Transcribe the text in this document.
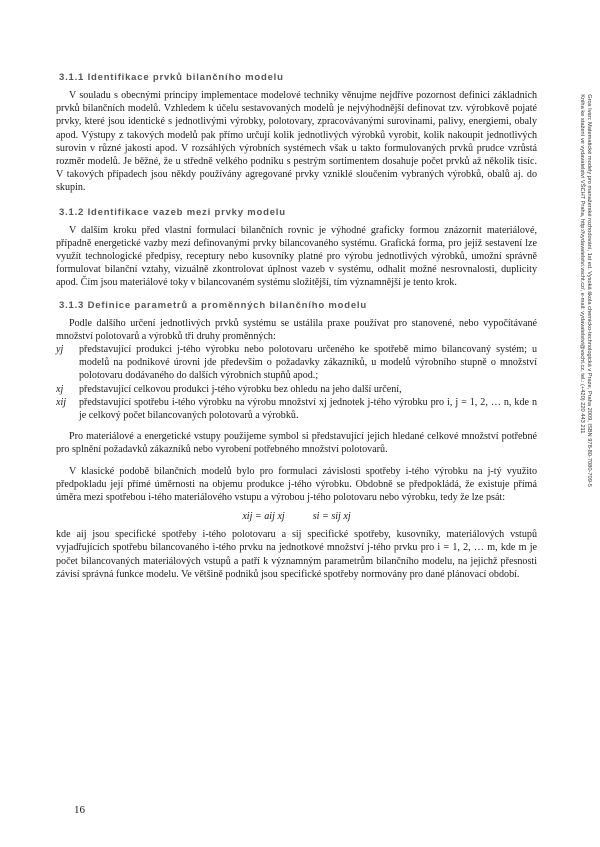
3.1.1 Identifikace prvků bilančního modelu

V souladu s obecnými principy implementace modelové techniky věnujme nejdříve pozornost definici základních prvků bilančních modelů. Vzhledem k účelu sestavovaných modelů je nejvýhodnější definovat tzv. výrobkově pojaté prvky, které jsou identické s jednotlivými výrobky, polotovary, zpracovávanými surovinami, palivy, energiemi, obaly apod. Výstupy z takových modelů pak přímo určují kolik jednotlivých výrobků vyrobit, kolik nakoupit jednotlivých surovin v různé jakosti apod. V rozsáhlých výrobních systémech však u takto formulovaných prvků prudce vzrůstá rozměr modelů. Je běžné, že u středně velkého podniku s pestrým sortimentem dosahuje počet prvků až několik tisíc. V takových případech jsou někdy používány agregované prvky vzniklé sloučením vybraných výrobků, obalů aj. do skupin.

3.1.2 Identifikace vazeb mezi prvky modelu

V dalším kroku před vlastní formulací bilančních rovnic je výhodné graficky formou znázornit materiálové, případně energetické vazby mezi definovanými prvky bilancovaného systému. Grafická forma, pro jejíž sestavení lze využít technologické předpisy, receptury nebo kusovníky platné pro výrobu jednotlivých výrobků, umožní správně formulovat bilanční vztahy, vizuálně zkontrolovat úplnost vazeb v systému, odhalit možné nesrovnalosti, duplicity apod. Čím jsou materiálové toky v bilancovaném systému složitější, tím významnější je tento krok.

3.1.3 Definice parametrů a proměnných bilančního modelu

Podle dalšího určení jednotlivých prvků systému se ustálila praxe používat pro stanovené, nebo vypočítávané množství polotovarů a výrobků tři druhy proměnných:

yj	představující produkci j-tého výrobku nebo polotovaru určeného ke spotřebě mimo bilancovaný systém; u modelů na podnikové úrovni jde především o požadavky zákazníků, u modelů výrobního stupně o množství polotovaru dodávaného do dalších výrobních stupňů apod.;
xj	představující celkovou produkci j-tého výrobku bez ohledu na jeho další určení,
xij	představující spotřebu i-tého výrobku na výrobu množství xj jednotek j-tého výrobku pro i, j = 1, 2, … n, kde n je celkový počet bilancovaných polotovarů a výrobků.

Pro materiálové a energetické vstupy použijeme symbol si představující jejich hledané celkové množství potřebné pro splnění požadavků zákazníků nebo vyrobení potřebného množství polotovarů.

V klasické podobě bilančních modelů bylo pro formulaci závislosti spotřeby i-tého výrobku na j-tý využito předpokladu její přímé úměrnosti na objemu produkce j-tého výrobku. Obdobně se předpokládá, že existuje přímá úměra mezi spotřebou i-tého materiálového vstupu a výrobou j-tého polotovaru nebo výrobku, tedy že lze psát:

xij = aij xj	si = sij xj

kde aij jsou specifické spotřeby i-tého polotovaru a sij specifické spotřeby, kusovníky, materiálových vstupů vyjadřujících spotřebu bilancovaného i-tého prvku na jednotkové množství j-tého prvku pro i = 1, 2, … m, kde m je počet bilancovaných materiálových vstupů a patří k významným parametrům bilančního modelu, na jejichž přesnosti závisí správná funkce modelu. Ve většině podniků jsou specifické spotřeby normovány pro dané plánovací období.

16
Gros Ivan: Matematické modely pro manažerské rozhodování, 1st ed. Vysoká škola chemicko-technologická v Praze, Praha 2009, ISBN 978-80-7080-709-5
Kniha ke stažení ve vydavatelství VŠCHT Praha, http://vydavatelstvi.vscht.cz/, e-mail: vydavatelstvi@vscht.cz, tel.: (+420) 220 443 211
